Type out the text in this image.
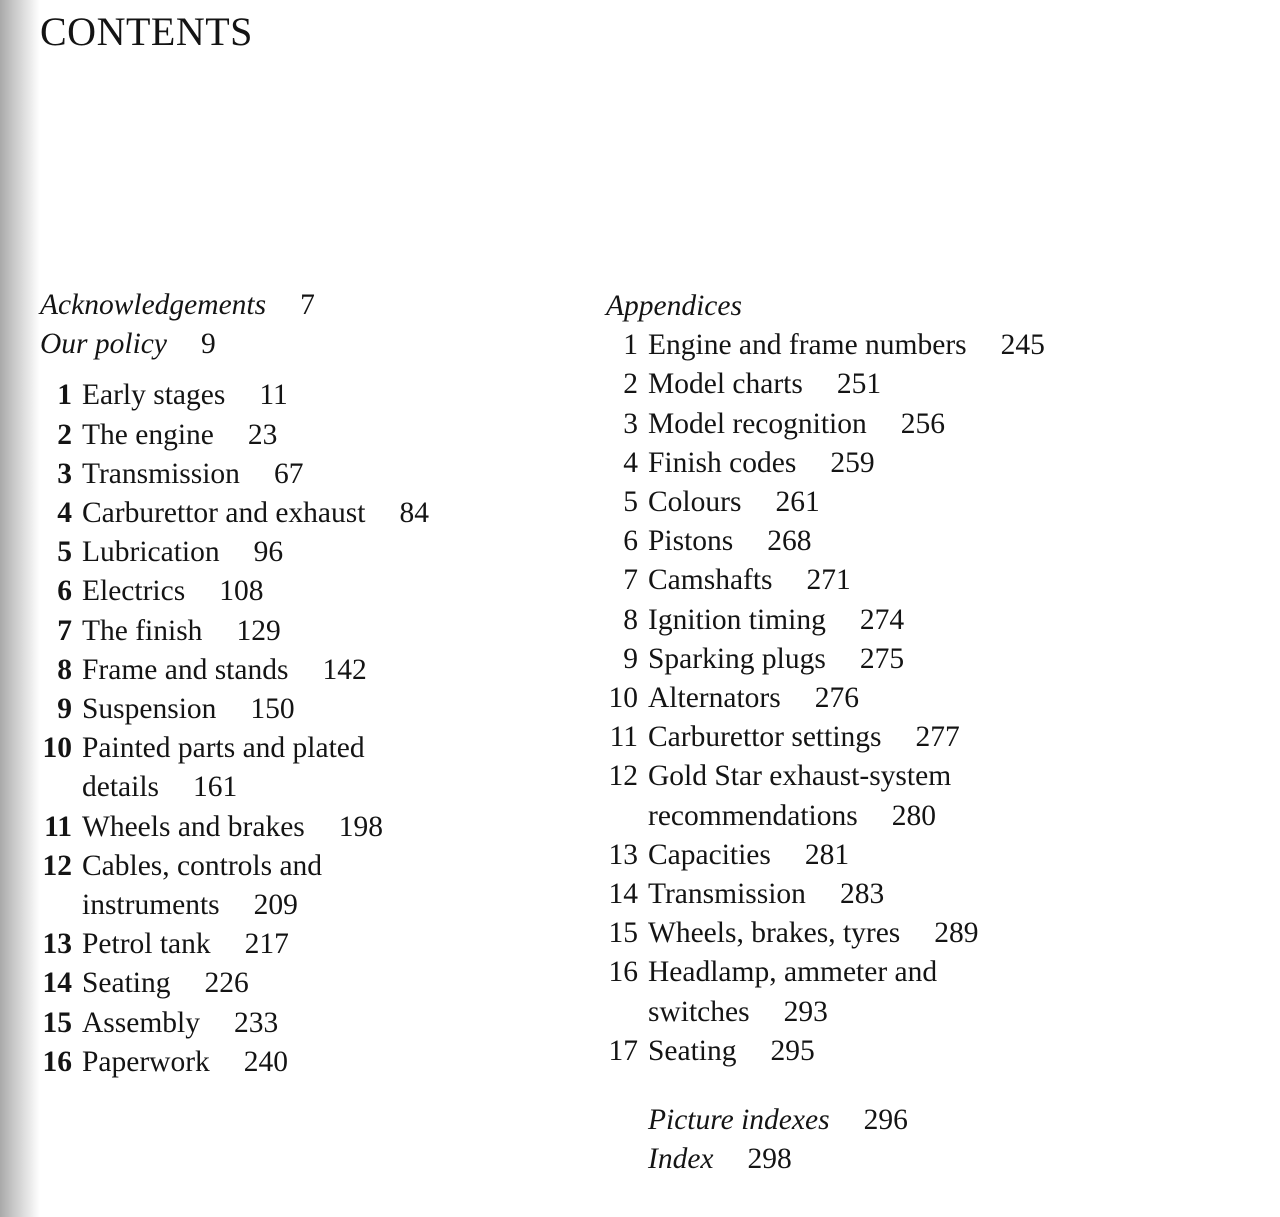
CONTENTS
Acknowledgements 7
Our policy 9
1 Early stages 11
2 The engine 23
3 Transmission 67
4 Carburettor and exhaust 84
5 Lubrication 96
6 Electrics 108
7 The finish 129
8 Frame and stands 142
9 Suspension 150
10 Painted parts and plated
details 161
11 Wheels and brakes 198
12 Cables, controls and
instruments 209
13 Petrol tank 217
14 Seating 226
15 Assembly 233
16 Paperwork 240
Appendices
1 Engine and frame numbers 245
2 Model charts 251
3 Model recognition 256
4 Finish codes 259
5 Colours 261
6 Pistons 268
7 Camshafts 271
8 Ignition timing 274
9 Sparking plugs 275
10 Alternators 276
11 Carburettor settings 277
12 Gold Star exhaust-system
recommendations 280
13 Capacities 281
14 Transmission 283
15 Wheels, brakes, tyres 289
16 Headlamp, ammeter and
switches 293
17 Seating 295
Picture indexes 296
Index 298
